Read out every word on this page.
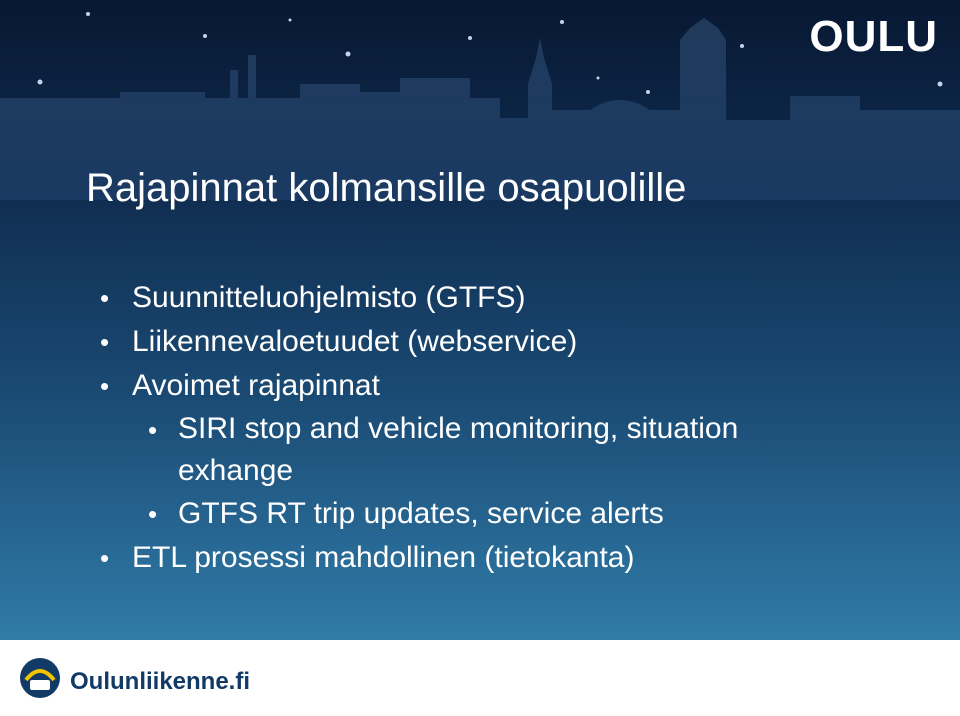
OULU
Rajapinnat kolmansille osapuolille
• Suunnitteluohjelmisto (GTFS)
• Liikennevaloetuudet (webservice)
• Avoimet rajapinnat
• SIRI stop and vehicle monitoring, situation
exhange
• GTFS RT trip updates, service alerts
• ETL prosessi mahdollinen (tietokanta)
Oulunliikenne.fi
